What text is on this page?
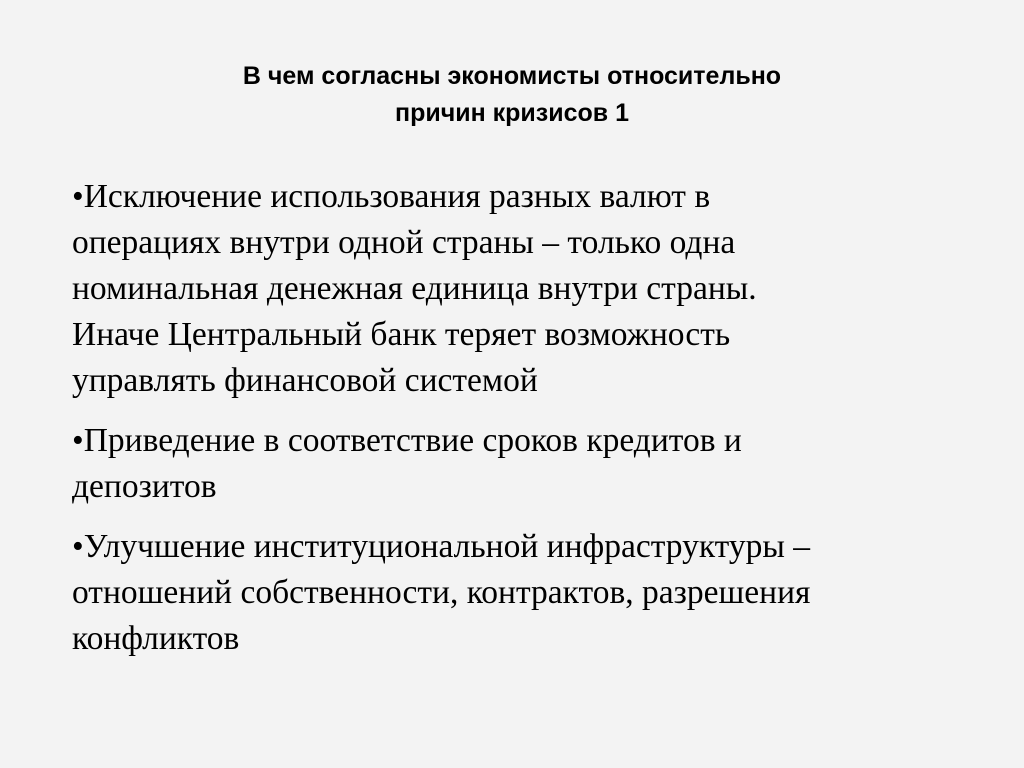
В чем согласны экономисты относительно
причин кризисов 1

•Исключение использования разных валют в
операциях внутри одной страны – только одна
номинальная денежная единица внутри страны.
Иначе Центральный банк теряет возможность
управлять финансовой системой

•Приведение в соответствие сроков кредитов и
депозитов

•Улучшение институциональной инфраструктуры –
отношений собственности, контрактов, разрешения
конфликтов
